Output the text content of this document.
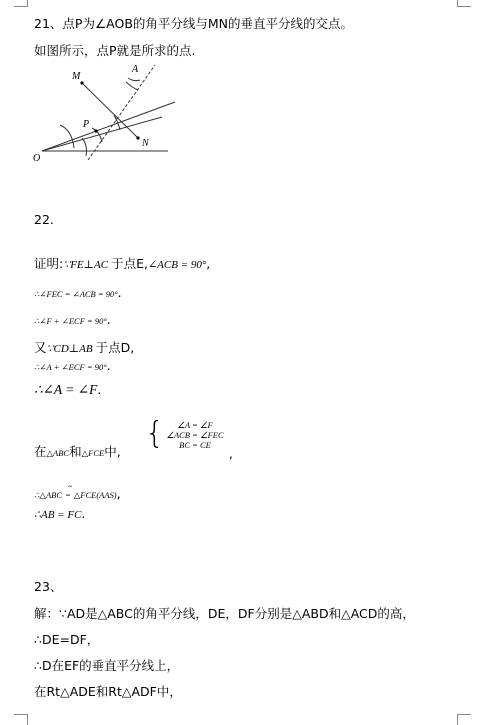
21、点P为∠AOB的角平分线与MN的垂直平分线的交点。
如图所示，点P就是所求的点.
M
A
P
N
O
22.
证明:∵FE⊥AC 于点E,∠ACB = 90°,
∴∠FEC = ∠ACB = 90°.
∴∠F + ∠ECF = 90°.
又∵CD⊥AB 于点D,
∴∠A + ∠ECF = 90°.
∴∠A = ∠F.
在△ABC和△FCE中,
{	∠A = ∠F
∠ACB = ∠FEC
BC = CE
,
∴△ABC
~
= △FCE(AAS),
∴AB = FC.
23、
解：∵AD是△ABC的角平分线，DE，DF分别是△ABD和△ACD的高，
∴DE=DF，
∴D在EF的垂直平分线上，
在Rt△ADE和Rt△ADF中，
